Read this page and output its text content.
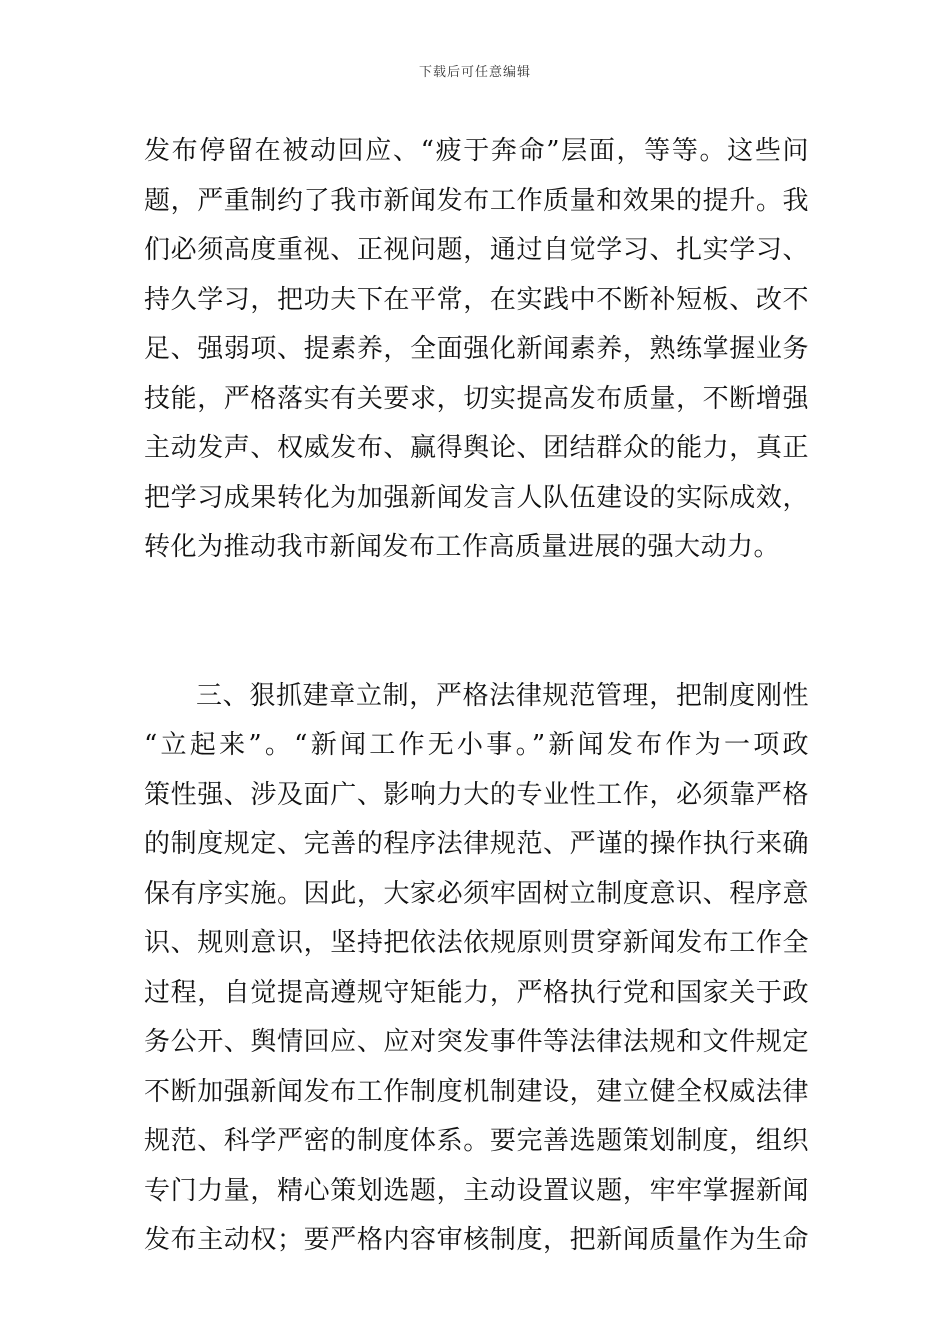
下载后可任意编辑
发布停留在被动回应、“疲于奔命”层面，等等。这些问
题，严重制约了我市新闻发布工作质量和效果的提升。我
们必须高度重视、正视问题，通过自觉学习、扎实学习、
持久学习，把功夫下在平常，在实践中不断补短板、改不
足、强弱项、提素养，全面强化新闻素养，熟练掌握业务
技能，严格落实有关要求，切实提高发布质量，不断增强
主动发声、权威发布、赢得舆论、团结群众的能力，真正
把学习成果转化为加强新闻发言人队伍建设的实际成效，
转化为推动我市新闻发布工作高质量进展的强大动力。
三、狠抓建章立制，严格法律规范管理，把制度刚性
“立起来”。“新闻工作无小事。”新闻发布作为一项政
策性强、涉及面广、影响力大的专业性工作，必须靠严格
的制度规定、完善的程序法律规范、严谨的操作执行来确
保有序实施。因此，大家必须牢固树立制度意识、程序意
识、规则意识，坚持把依法依规原则贯穿新闻发布工作全
过程，自觉提高遵规守矩能力，严格执行党和国家关于政
务公开、舆情回应、应对突发事件等法律法规和文件规定
不断加强新闻发布工作制度机制建设，建立健全权威法律
规范、科学严密的制度体系。要完善选题策划制度，组织
专门力量，精心策划选题，主动设置议题，牢牢掌握新闻
发布主动权；要严格内容审核制度，把新闻质量作为生命
